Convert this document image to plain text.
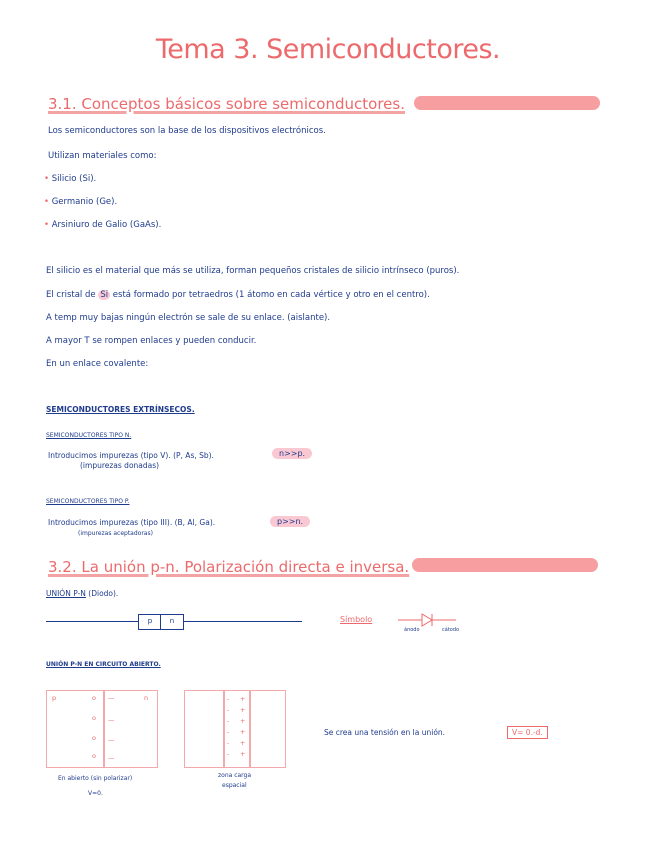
Tema 3. Semiconductores.
3.1. Conceptos básicos sobre semiconductores.
Los semiconductores son la base de los dispositivos electrónicos.
Utilizan materiales como:
• Silicio (Si).
• Germanio (Ge).
• Arsiniuro de Galio (GaAs).
El silicio es el material que más se utiliza, forman pequeños cristales de silicio intrínseco (puros).
El cristal de Si está formado por tetraedros (1 átomo en cada vértice y otro en el centro).
A temp muy bajas ningún electrón se sale de su enlace. (aislante).
A mayor T se rompen enlaces y pueden conducir.
En un enlace covalente:
SEMICONDUCTORES EXTRÍNSECOS.
SEMICONDUCTORES TIPO N.
Introducimos impurezas (tipo V). (P, As, Sb).
(impurezas donadas)
n>>p.
SEMICONDUCTORES TIPO P.
Introducimos impurezas (tipo III). (B, Al, Ga).
(impurezas aceptadoras)
p>>n.
3.2. La unión p-n. Polarización directa e inversa.
UNIÓN P-N (Diodo).
p	n	Símbolo
ánodo	cátodo
UNIÓN P-N EN CIRCUITO ABIERTO.
p	n
o
o
o
o
—
—
—
—
En abierto (sin polarizar)
V=0.
-
-
-
-
-
-
+
+
+
+
+
+
zona carga
espacial
Se crea una tensión en la unión.	V= 0.-d.
